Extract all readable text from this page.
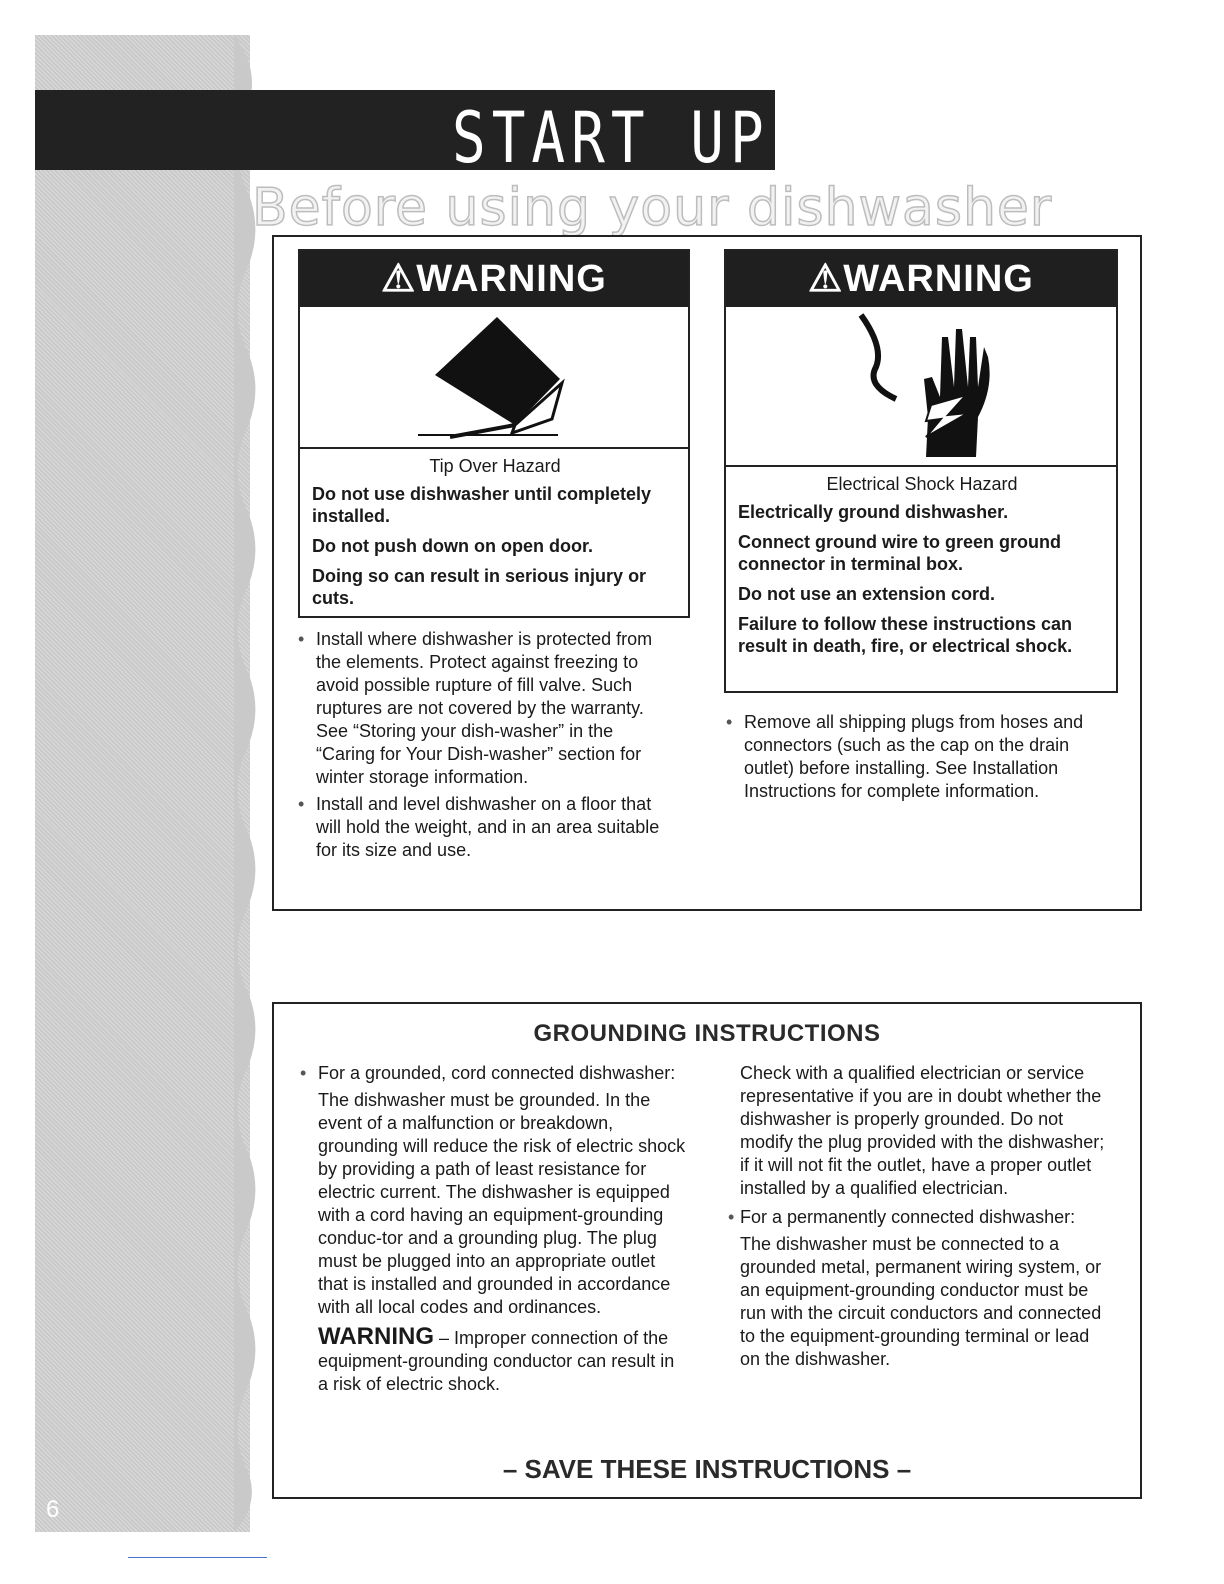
6
START UP GUIDE
Before using your dishwasher
⚠WARNING
Tip Over Hazard

Do not use dishwasher until completely installed.

Do not push down on open door.

Doing so can result in serious injury or cuts.

⚠WARNING
Electrical Shock Hazard

Electrically ground dishwasher.

Connect ground wire to green ground connector in terminal box.

Do not use an extension cord.

Failure to follow these instructions can result in death, fire, or electrical shock.

• Install where dishwasher is protected from the elements. Protect against freezing to avoid possible rupture of fill valve. Such ruptures are not covered by the warranty. See “Storing your dish-washer” in the “Caring for Your Dish-washer” section for winter storage information.
• Install and level dishwasher on a floor that will hold the weight, and in an area suitable for its size and use.
• Remove all shipping plugs from hoses and connectors (such as the cap on the drain outlet) before installing. See Installation Instructions for complete information.
GROUNDING INSTRUCTIONS
• For a grounded, cord connected dishwasher:

The dishwasher must be grounded. In the event of a malfunction or breakdown, grounding will reduce the risk of electric shock by providing a path of least resistance for electric current. The dishwasher is equipped with a cord having an equipment-grounding conduc-tor and a grounding plug. The plug must be plugged into an appropriate outlet that is installed and grounded in accordance with all local codes and ordinances.

WARNING – Improper connection of the equipment-grounding conductor can result in a risk of electric shock.

Check with a qualified electrician or service representative if you are in doubt whether the dishwasher is properly grounded. Do not modify the plug provided with the dishwasher; if it will not fit the outlet, have a proper outlet installed by a qualified electrician.

• For a permanently connected dishwasher:

The dishwasher must be connected to a grounded metal, permanent wiring system, or an equipment-grounding conductor must be run with the circuit conductors and connected to the equipment-grounding terminal or lead on the dishwasher.

– SAVE THESE INSTRUCTIONS –
